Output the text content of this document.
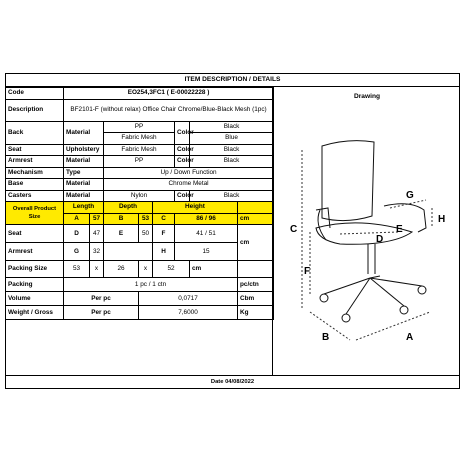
ITEM DESCRIPTION / DETAILS
Code	EO254,3FC1 ( E-00022228 )							
Description	BF2101-F (without relax) Office Chair Chrome/Blue-Black Mesh (1pc)							
Back	Material		PP			Color	Black	
			Fabric Mesh				Blue	
Seat	Upholstery		Fabric Mesh			Color	Black	
Armrest	Material		PP			Color	Black	
Mechanism	Type		Up / Down Function					
Base	Material		Chrome Metal					
Casters	Material		Nylon			Color	Black	
Overall Product Size	Length		Depth		Height			
	A	57	B	53	C	86 / 96		cm
Seat	D	47	E	50	F	41 / 51		cm
Armrest	G	32			H	15		
Packing Size	53	x	26	x	52		cm	
Packing	1 pc / 1 ctn							pc/ctn
Volume	Per pc			0,0717				Cbm
Weight / Gross	Per pc			7,6000				Kg
Drawing
C
F
B	A
G
H
E
D
Date 04/08/2022
